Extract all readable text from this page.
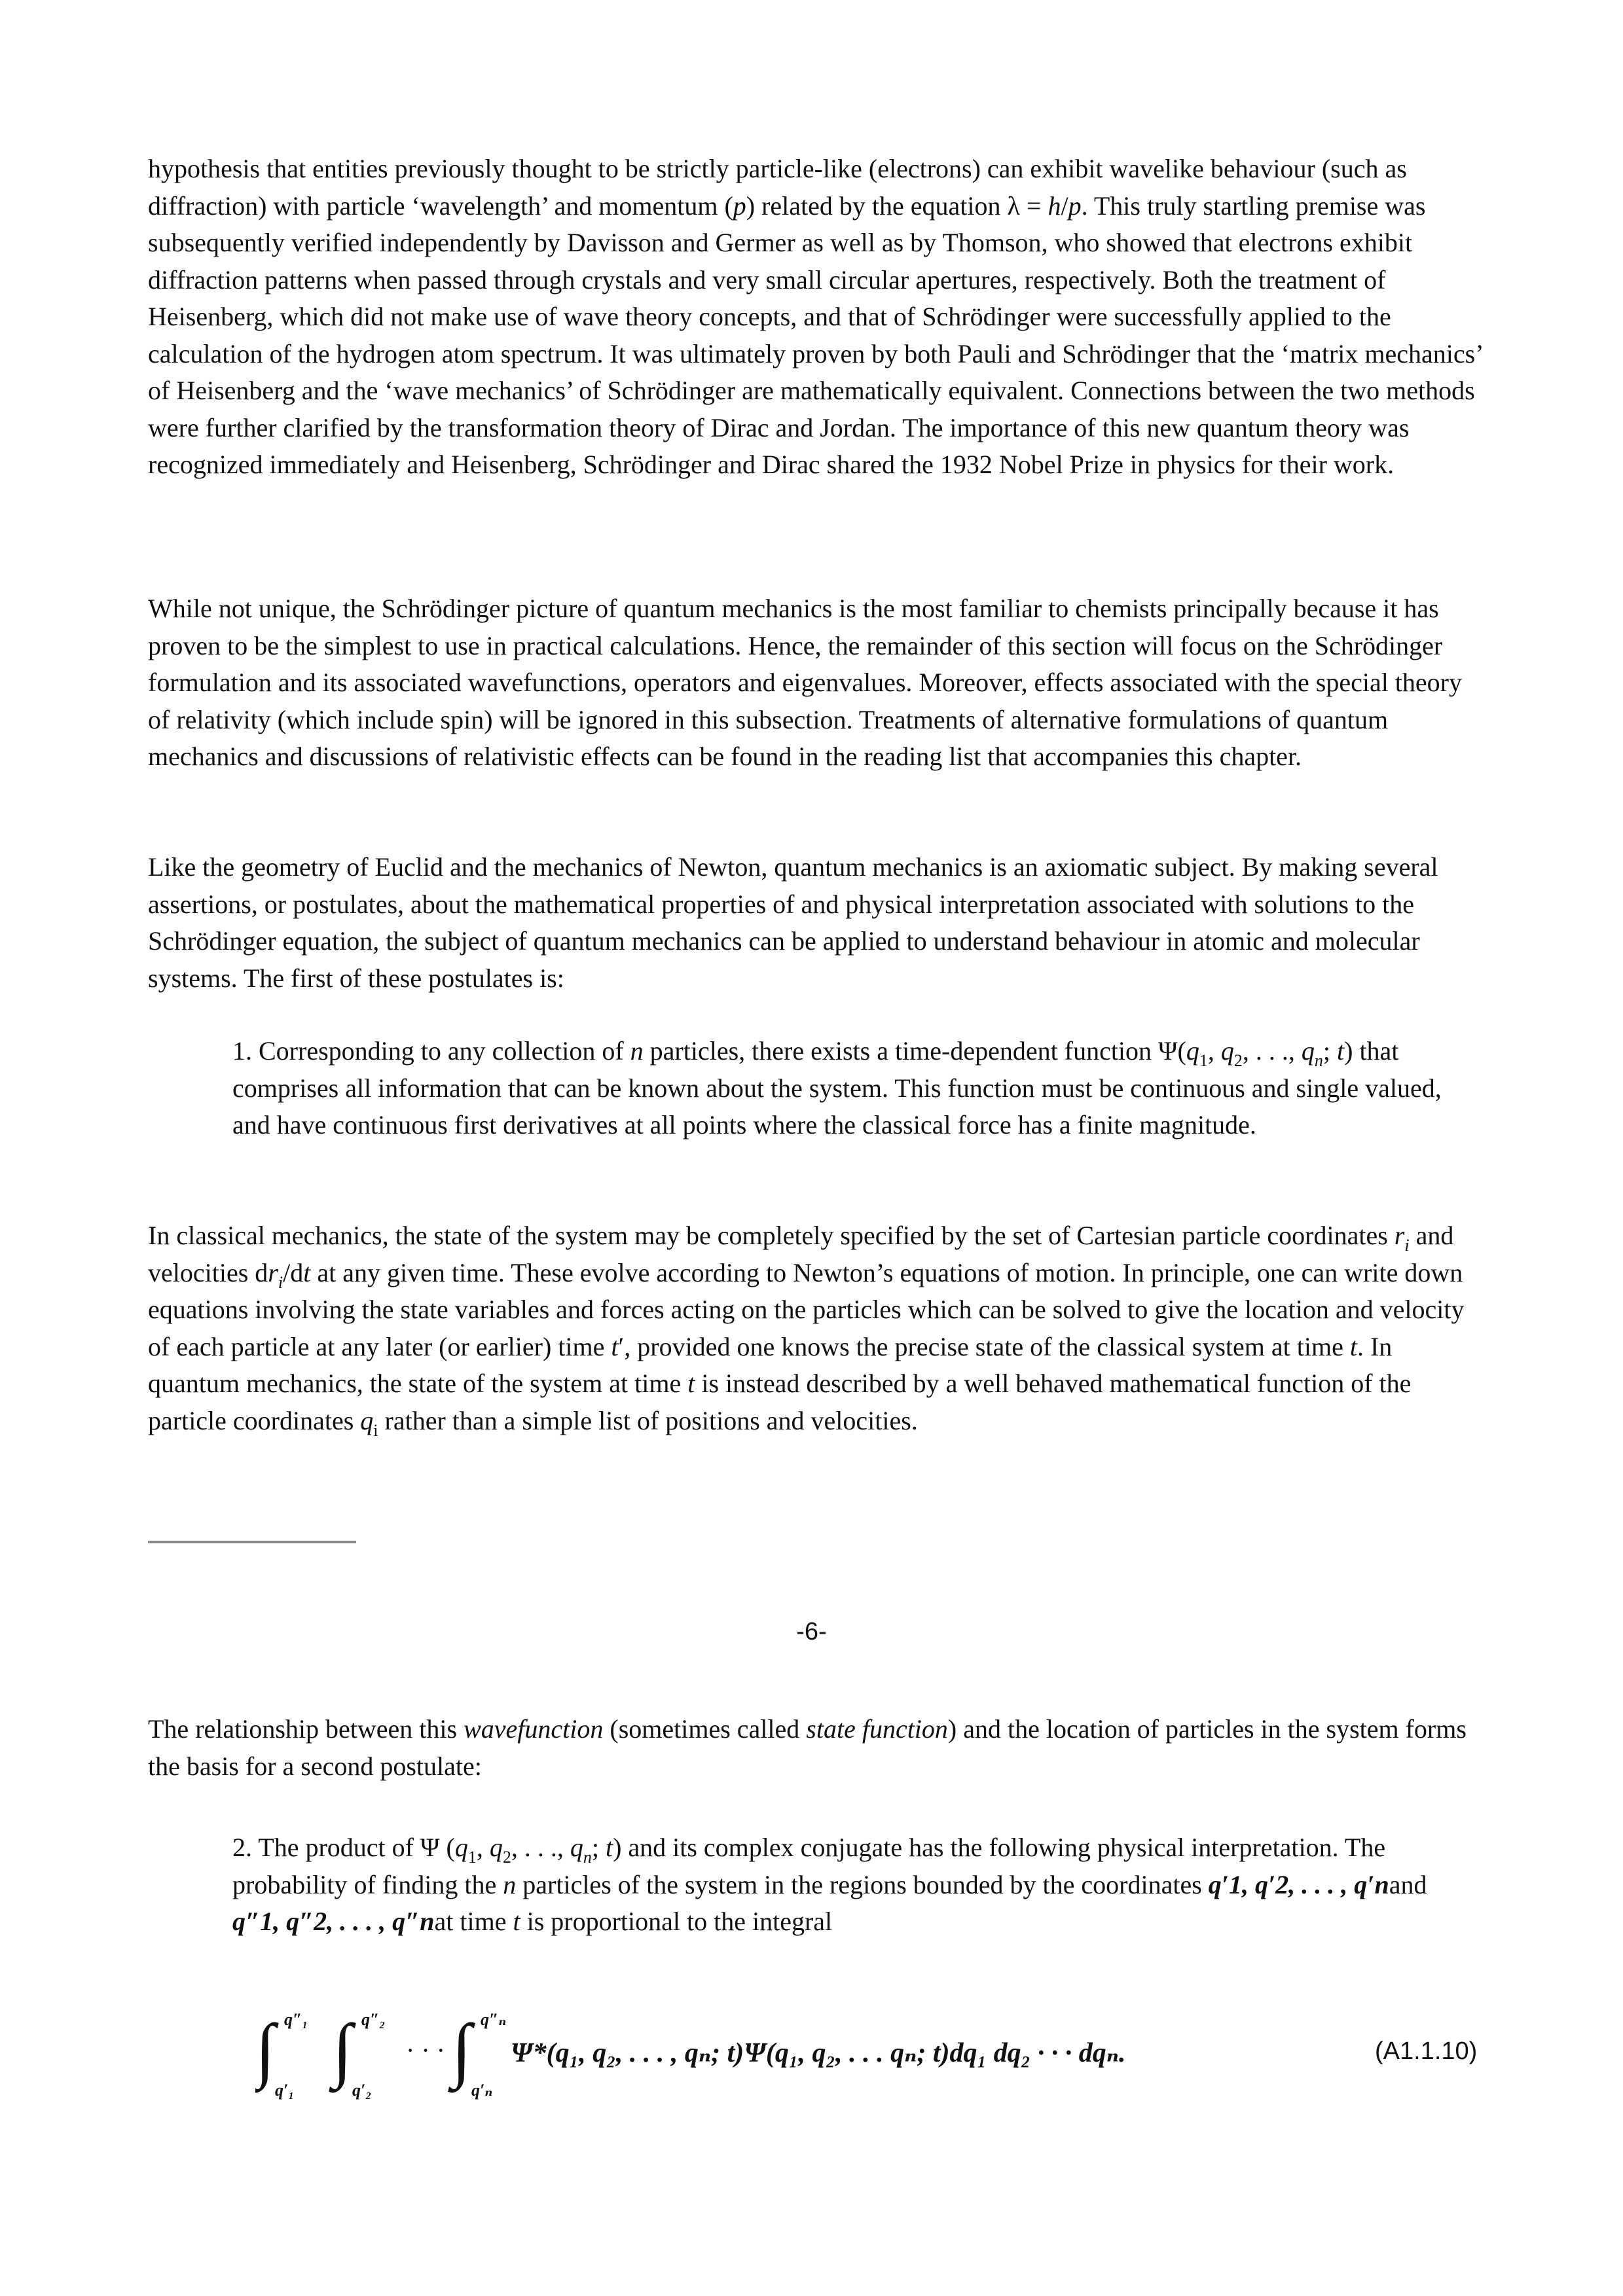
hypothesis that entities previously thought to be strictly particle-like (electrons) can exhibit wavelike behaviour (such as diffraction) with particle ‘wavelength’ and momentum (p) related by the equation λ = h/p. This truly startling premise was subsequently verified independently by Davisson and Germer as well as by Thomson, who showed that electrons exhibit diffraction patterns when passed through crystals and very small circular apertures, respectively. Both the treatment of Heisenberg, which did not make use of wave theory concepts, and that of Schrödinger were successfully applied to the calculation of the hydrogen atom spectrum. It was ultimately proven by both Pauli and Schrödinger that the ‘matrix mechanics’ of Heisenberg and the ‘wave mechanics’ of Schrödinger are mathematically equivalent. Connections between the two methods were further clarified by the transformation theory of Dirac and Jordan. The importance of this new quantum theory was recognized immediately and Heisenberg, Schrödinger and Dirac shared the 1932 Nobel Prize in physics for their work.

While not unique, the Schrödinger picture of quantum mechanics is the most familiar to chemists principally because it has proven to be the simplest to use in practical calculations. Hence, the remainder of this section will focus on the Schrödinger formulation and its associated wavefunctions, operators and eigenvalues. Moreover, effects associated with the special theory of relativity (which include spin) will be ignored in this subsection. Treatments of alternative formulations of quantum mechanics and discussions of relativistic effects can be found in the reading list that accompanies this chapter.

Like the geometry of Euclid and the mechanics of Newton, quantum mechanics is an axiomatic subject. By making several assertions, or postulates, about the mathematical properties of and physical interpretation associated with solutions to the Schrödinger equation, the subject of quantum mechanics can be applied to understand behaviour in atomic and molecular systems. The first of these postulates is:

1. Corresponding to any collection of n particles, there exists a time-dependent function $\Psi(q_1$, $q_2$, . . ., $q_n$; t) that comprises all information that can be known about the system. This function must be continuous and single valued, and have continuous first derivatives at all points where the classical force has a finite magnitude.

In classical mechanics, the state of the system may be completely specified by the set of Cartesian particle coordinates $r_i$ and velocities $dr_i/dt$ at any given time. These evolve according to Newton’s equations of motion. In principle, one can write down equations involving the state variables and forces acting on the particles which can be solved to give the location and velocity of each particle at any later (or earlier) time t′, provided one knows the precise state of the classical system at time t. In quantum mechanics, the state of the system at time t is instead described by a well behaved mathematical function of the particle coordinates $q_i$ rather than a simple list of positions and velocities.

-6-

The relationship between this wavefunction (sometimes called state function) and the location of particles in the system forms the basis for a second postulate:

2. The product of Ψ ($q_1$, $q_2$, . . ., $q_n$; t) and its complex conjugate has the following physical interpretation. The probability of finding the n particles of the system in the regions bounded by the coordinates q′1, q′2, . . . , q′nand q″1, q″2, . . . , q″nat time t is proportional to the integral

∫ q″₁
q′₁
∫ q″₂
q′₂
· · · ∫ q″ₙ
q′ₙ
Ψ*(q₁, q₂, . . . , qₙ; t)Ψ(q₁, q₂, . . . qₙ; t)dq₁ dq₂ · · · dqₙ.	(A1.1.10)
